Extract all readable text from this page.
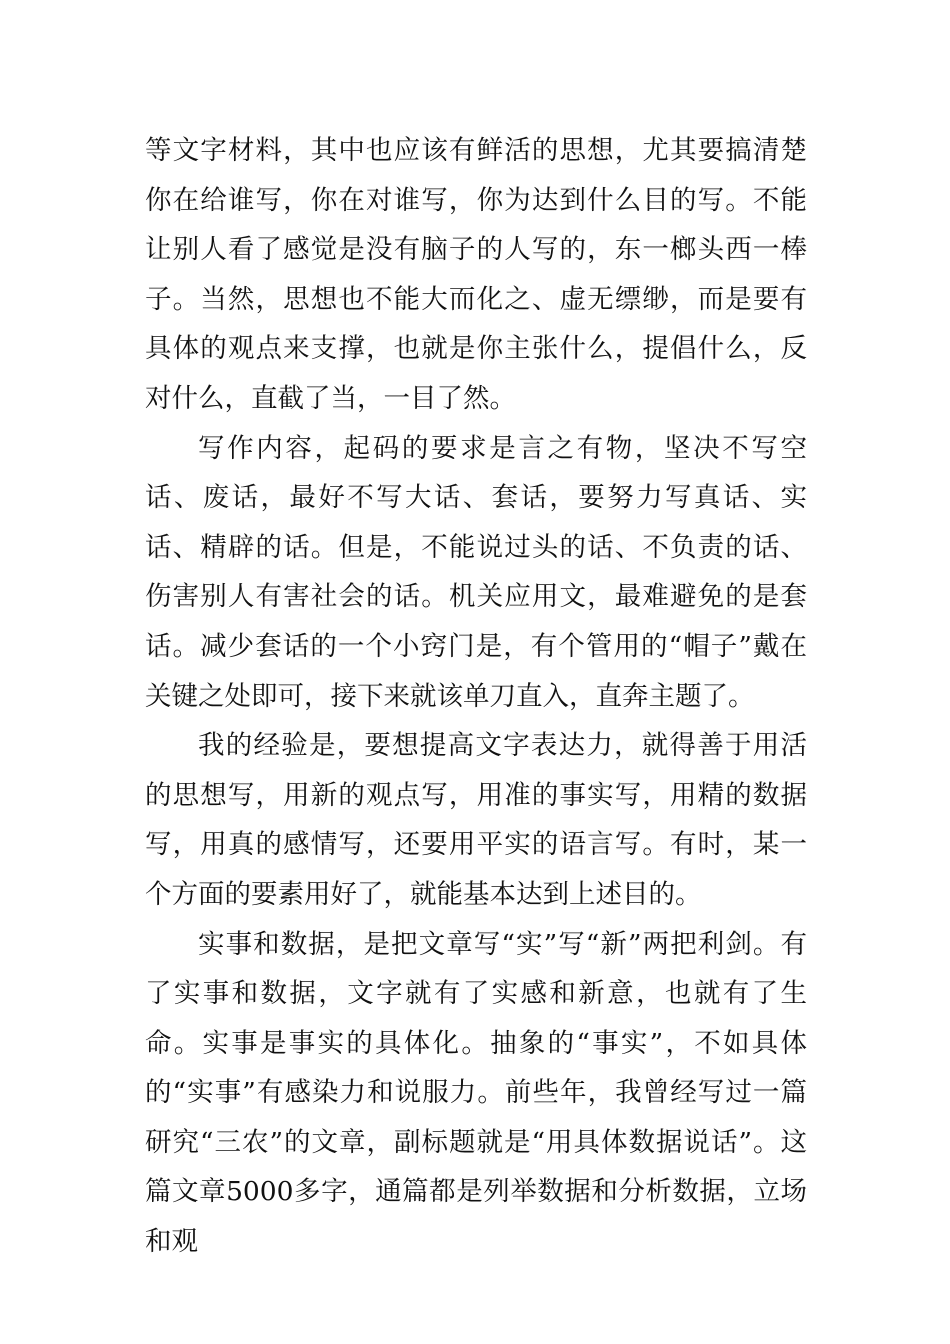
等文字材料，其中也应该有鲜活的思想，尤其要搞清楚你在给谁写，你在对谁写，你为达到什么目的写。不能让别人看了感觉是没有脑子的人写的，东一榔头西一棒子。当然，思想也不能大而化之、虚无缥缈，而是要有具体的观点来支撑，也就是你主张什么，提倡什么，反对什么，直截了当，一目了然。

写作内容，起码的要求是言之有物，坚决不写空话、废话，最好不写大话、套话，要努力写真话、实话、精辟的话。但是，不能说过头的话、不负责的话、伤害别人有害社会的话。机关应用文，最难避免的是套话。减少套话的一个小窍门是，有个管用的“帽子”戴在关键之处即可，接下来就该单刀直入，直奔主题了。

我的经验是，要想提高文字表达力，就得善于用活的思想写，用新的观点写，用准的事实写，用精的数据写，用真的感情写，还要用平实的语言写。有时，某一个方面的要素用好了，就能基本达到上述目的。

实事和数据，是把文章写“实”写“新”两把利剑。有了实事和数据，文字就有了实感和新意，也就有了生命。实事是事实的具体化。抽象的“事实”，不如具体的“实事”有感染力和说服力。前些年，我曾经写过一篇研究“三农”的文章，副标题就是“用具体数据说话”。这篇文章5000多字，通篇都是列举数据和分析数据，立场和观
